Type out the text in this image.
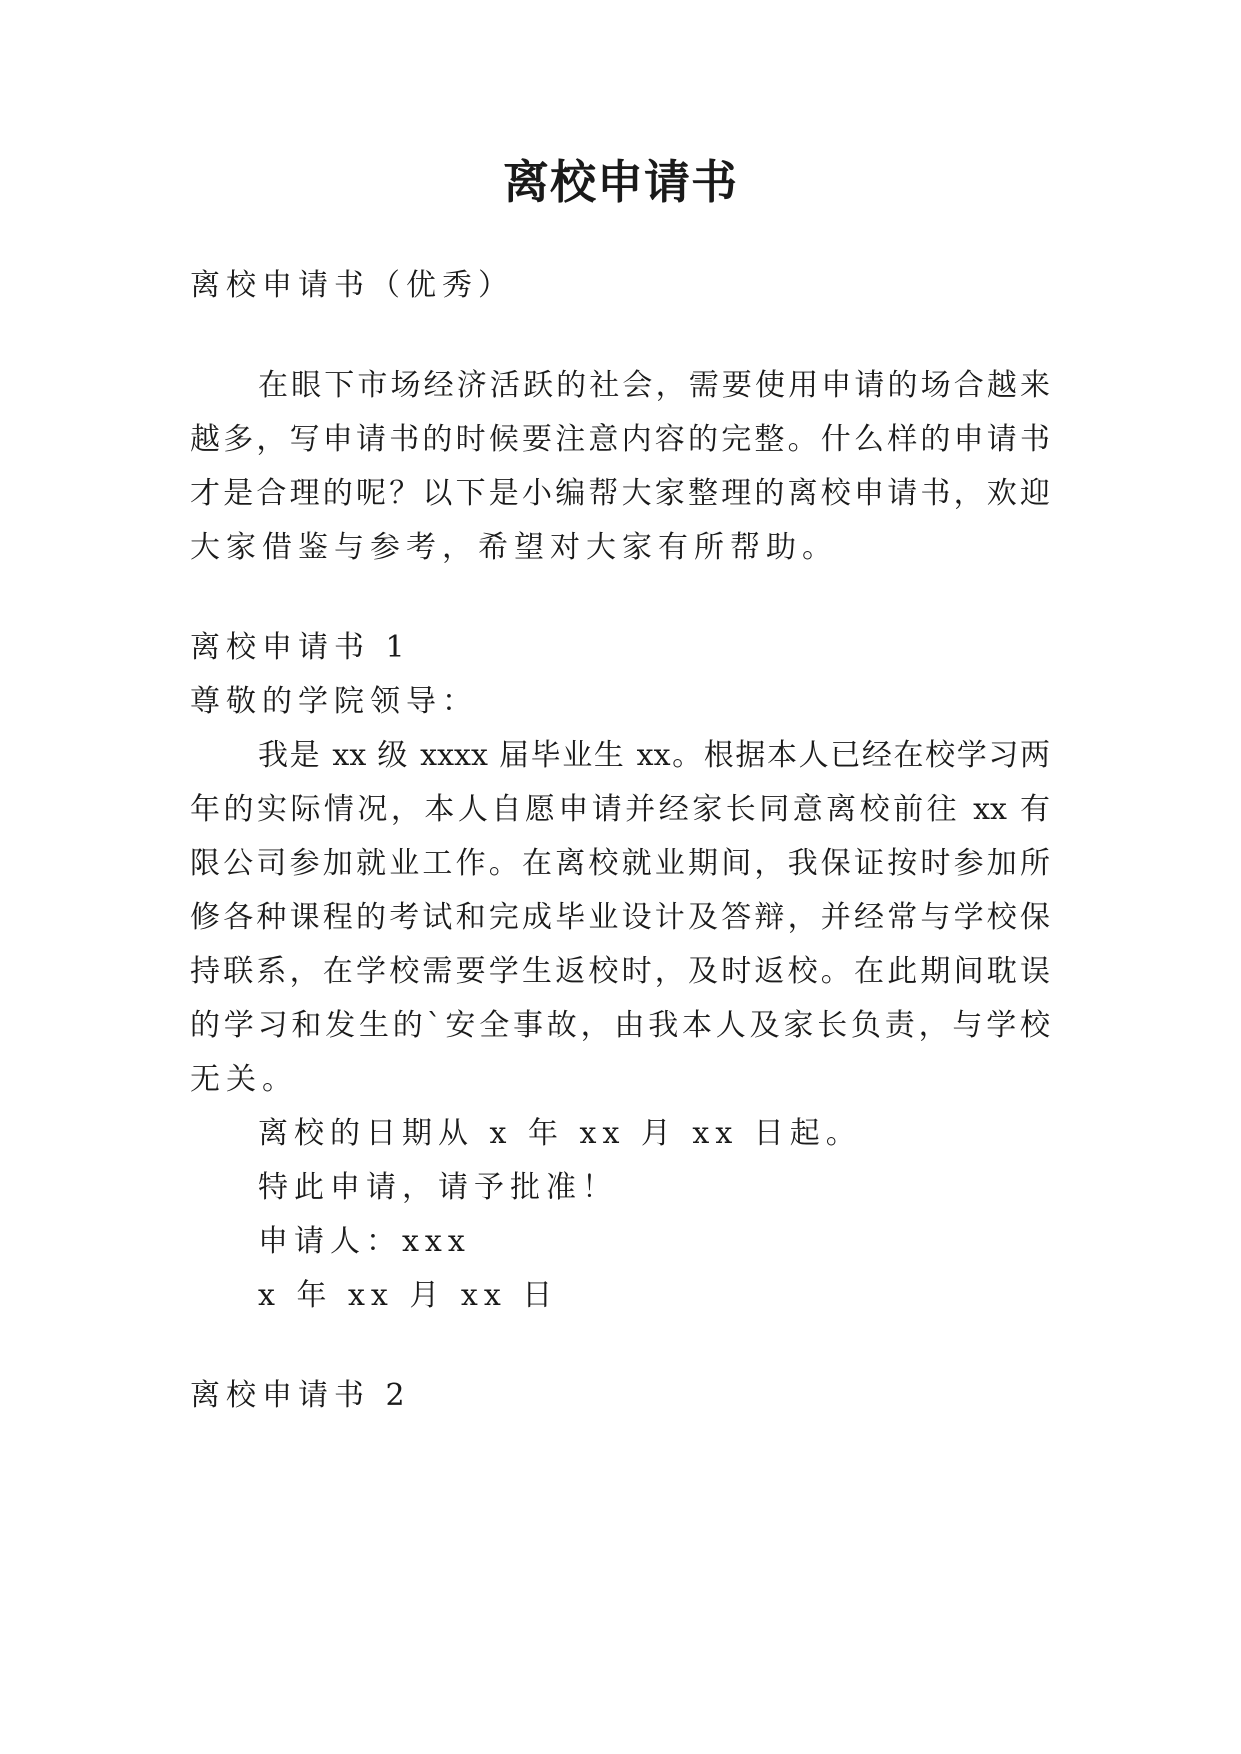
离校申请书
离校申请书（优秀）
在眼下市场经济活跃的社会，需要使用申请的场合越来
越多，写申请书的时候要注意内容的完整。什么样的申请书
才是合理的呢？以下是小编帮大家整理的离校申请书，欢迎
大家借鉴与参考，希望对大家有所帮助。
离校申请书 1
尊敬的学院领导：
我是 xx 级 xxxx 届毕业生 xx。根据本人已经在校学习两
年的实际情况，本人自愿申请并经家长同意离校前往 xx 有
限公司参加就业工作。在离校就业期间，我保证按时参加所
修各种课程的考试和完成毕业设计及答辩，并经常与学校保
持联系，在学校需要学生返校时，及时返校。在此期间耽误
的学习和发生的`安全事故，由我本人及家长负责，与学校
无关。
离校的日期从 x 年 xx 月 xx 日起。
特此申请，请予批准！
申请人：xxx
x 年 xx 月 xx 日
离校申请书 2
